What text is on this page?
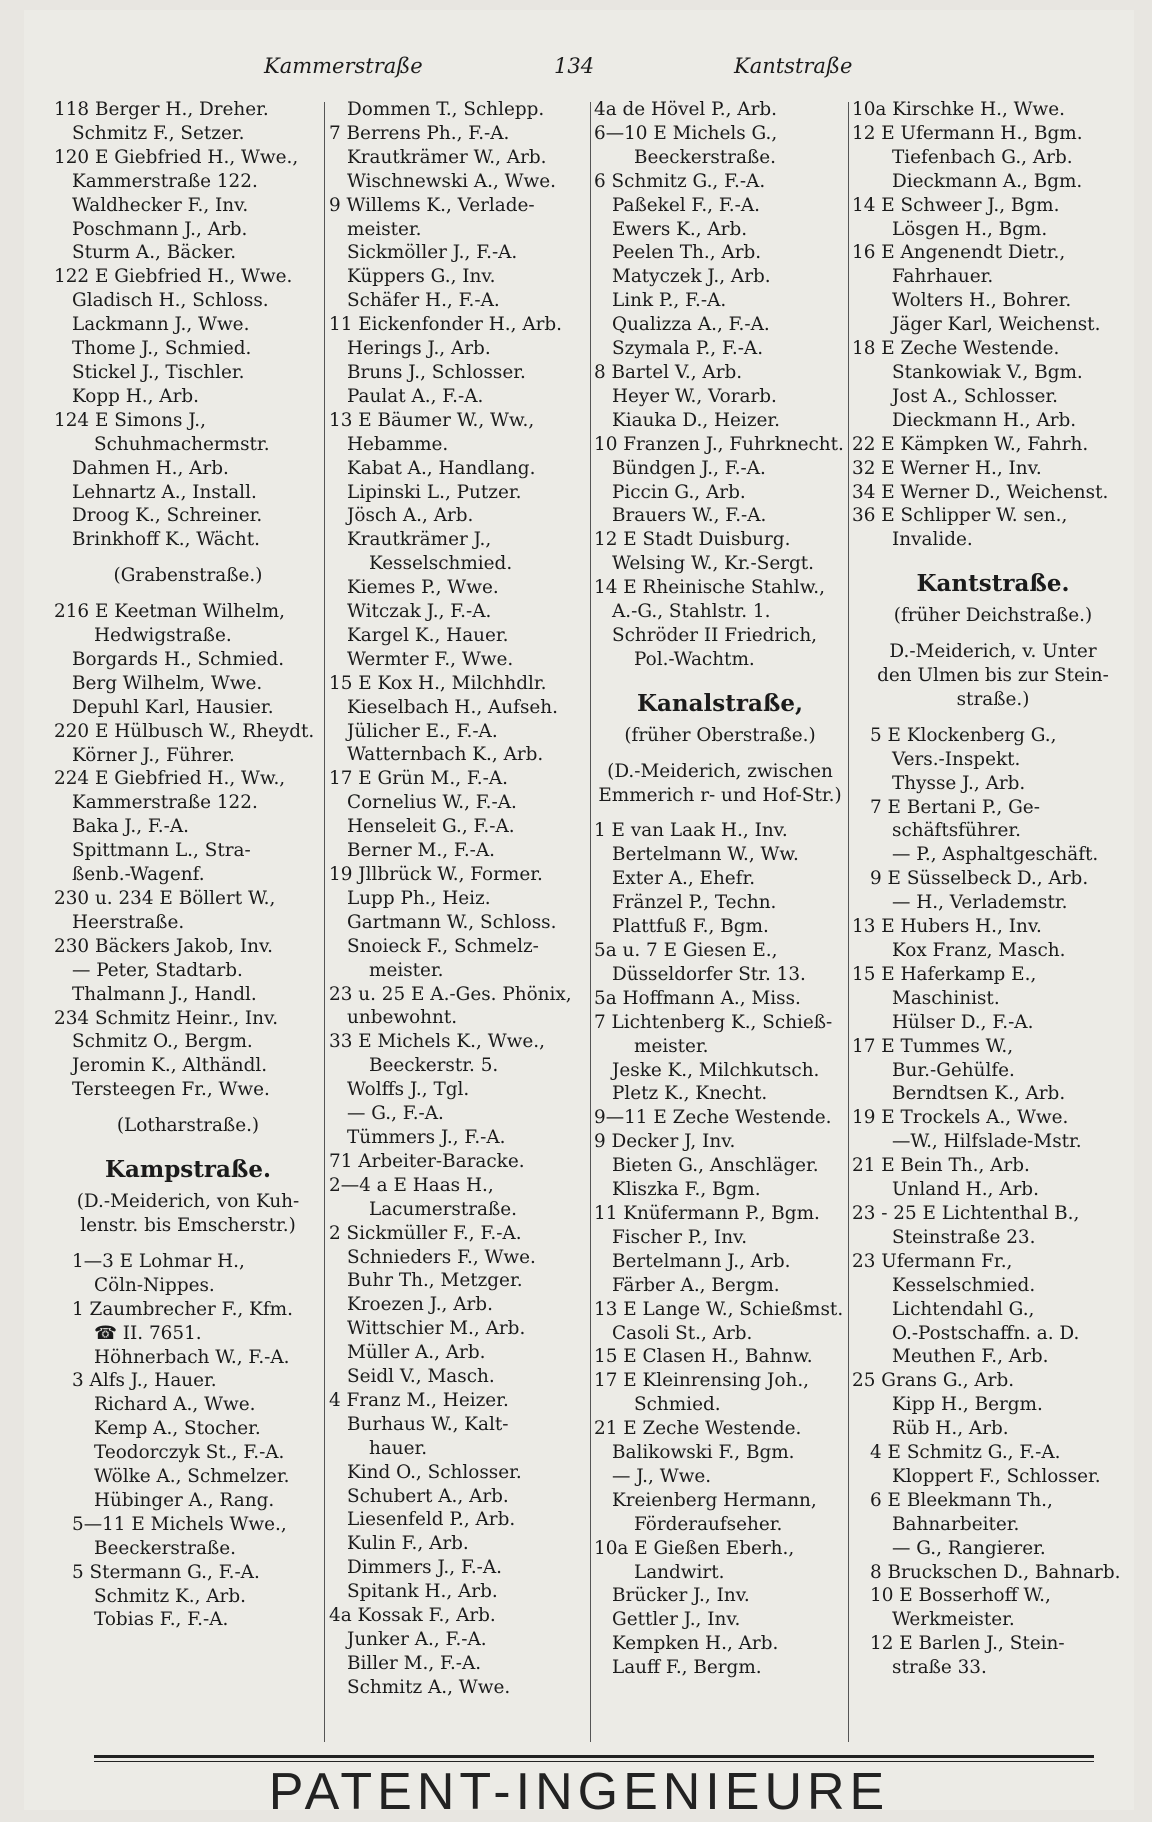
Kammerstraße	134	Kantstraße
118 Berger H., Dreher.
Schmitz F., Setzer.
120 E Giebfried H., Wwe.,
Kammerstraße 122.
Waldhecker F., Inv.
Poschmann J., Arb.
Sturm A., Bäcker.
122 E Giebfried H., Wwe.
Gladisch H., Schloss.
Lackmann J., Wwe.
Thome J., Schmied.
Stickel J., Tischler.
Kopp H., Arb.
124 E Simons J.,
Schuhmachermstr.
Dahmen H., Arb.
Lehnartz A., Install.
Droog K., Schreiner.
Brinkhoff K., Wächt.
(Grabenstraße.)
216 E Keetman Wilhelm,
Hedwigstraße.
Borgards H., Schmied.
Berg Wilhelm, Wwe.
Depuhl Karl, Hausier.
220 E Hülbusch W., Rheydt.
Körner J., Führer.
224 E Giebfried H., Ww.,
Kammerstraße 122.
Baka J., F.-A.
Spittmann L., Stra-
ßenb.-Wagenf.
230 u. 234 E Böllert W.,
Heerstraße.
230 Bäckers Jakob, Inv.
— Peter, Stadtarb.
Thalmann J., Handl.
234 Schmitz Heinr., Inv.
Schmitz O., Bergm.
Jeromin K., Althändl.
Tersteegen Fr., Wwe.
(Lotharstraße.)
Kampstraße.
(D.-Meiderich, von Kuh-
lenstr. bis Emscherstr.)
1—3 E Lohmar H.,
Cöln-Nippes.
1 Zaumbrecher F., Kfm.
☎ II. 7651.
Höhnerbach W., F.-A.
3 Alfs J., Hauer.
Richard A., Wwe.
Kemp A., Stocher.
Teodorczyk St., F.-A.
Wölke A., Schmelzer.
Hübinger A., Rang.
5—11 E Michels Wwe.,
Beeckerstraße.
5 Stermann G., F.-A.
Schmitz K., Arb.
Tobias F., F.-A.
Dommen T., Schlepp.
7 Berrens Ph., F.-A.
Krautkrämer W., Arb.
Wischnewski A., Wwe.
9 Willems K., Verlade-
meister.
Sickmöller J., F.-A.
Küppers G., Inv.
Schäfer H., F.-A.
11 Eickenfonder H., Arb.
Herings J., Arb.
Bruns J., Schlosser.
Paulat A., F.-A.
13 E Bäumer W., Ww.,
Hebamme.
Kabat A., Handlang.
Lipinski L., Putzer.
Jösch A., Arb.
Krautkrämer J.,
Kesselschmied.
Kiemes P., Wwe.
Witczak J., F.-A.
Kargel K., Hauer.
Wermter F., Wwe.
15 E Kox H., Milchhdlr.
Kieselbach H., Aufseh.
Jülicher E., F.-A.
Watternbach K., Arb.
17 E Grün M., F.-A.
Cornelius W., F.-A.
Henseleit G., F.-A.
Berner M., F.-A.
19 Jllbrück W., Former.
Lupp Ph., Heiz.
Gartmann W., Schloss.
Snoieck F., Schmelz-
meister.
23 u. 25 E A.-Ges. Phönix,
unbewohnt.
33 E Michels K., Wwe.,
Beeckerstr. 5.
Wolffs J., Tgl.
— G., F.-A.
Tümmers J., F.-A.
71 Arbeiter-Baracke.
2—4 a E Haas H.,
Lacumerstraße.
2 Sickmüller F., F.-A.
Schnieders F., Wwe.
Buhr Th., Metzger.
Kroezen J., Arb.
Wittschier M., Arb.
Müller A., Arb.
Seidl V., Masch.
4 Franz M., Heizer.
Burhaus W., Kalt-
hauer.
Kind O., Schlosser.
Schubert A., Arb.
Liesenfeld P., Arb.
Kulin F., Arb.
Dimmers J., F.-A.
Spitank H., Arb.
4a Kossak F., Arb.
Junker A., F.-A.
Biller M., F.-A.
Schmitz A., Wwe.
4a de Hövel P., Arb.
6—10 E Michels G.,
Beeckerstraße.
6 Schmitz G., F.-A.
Paßekel F., F.-A.
Ewers K., Arb.
Peelen Th., Arb.
Matyczek J., Arb.
Link P., F.-A.
Qualizza A., F.-A.
Szymala P., F.-A.
8 Bartel V., Arb.
Heyer W., Vorarb.
Kiauka D., Heizer.
10 Franzen J., Fuhrknecht.
Bündgen J., F.-A.
Piccin G., Arb.
Brauers W., F.-A.
12 E Stadt Duisburg.
Welsing W., Kr.-Sergt.
14 E Rheinische Stahlw.,
A.-G., Stahlstr. 1.
Schröder II Friedrich,
Pol.-Wachtm.
Kanalstraße,
(früher Oberstraße.)
(D.-Meiderich, zwischen
Emmerich r- und Hof-Str.)
1 E van Laak H., Inv.
Bertelmann W., Ww.
Exter A., Ehefr.
Fränzel P., Techn.
Plattfuß F., Bgm.
5a u. 7 E Giesen E.,
Düsseldorfer Str. 13.
5a Hoffmann A., Miss.
7 Lichtenberg K., Schieß-
meister.
Jeske K., Milchkutsch.
Pletz K., Knecht.
9—11 E Zeche Westende.
9 Decker J, Inv.
Bieten G., Anschläger.
Kliszka F., Bgm.
11 Knüfermann P., Bgm.
Fischer P., Inv.
Bertelmann J., Arb.
Färber A., Bergm.
13 E Lange W., Schießmst.
Casoli St., Arb.
15 E Clasen H., Bahnw.
17 E Kleinrensing Joh.,
Schmied.
21 E Zeche Westende.
Balikowski F., Bgm.
— J., Wwe.
Kreienberg Hermann,
Förderaufseher.
10a E Gießen Eberh.,
Landwirt.
Brücker J., Inv.
Gettler J., Inv.
Kempken H., Arb.
Lauff F., Bergm.
10a Kirschke H., Wwe.
12 E Ufermann H., Bgm.
Tiefenbach G., Arb.
Dieckmann A., Bgm.
14 E Schweer J., Bgm.
Lösgen H., Bgm.
16 E Angenendt Dietr.,
Fahrhauer.
Wolters H., Bohrer.
Jäger Karl, Weichenst.
18 E Zeche Westende.
Stankowiak V., Bgm.
Jost A., Schlosser.
Dieckmann H., Arb.
22 E Kämpken W., Fahrh.
32 E Werner H., Inv.
34 E Werner D., Weichenst.
36 E Schlipper W. sen.,
Invalide.
Kantstraße.
(früher Deichstraße.)
D.-Meiderich, v. Unter
den Ulmen bis zur Stein-
straße.)
5 E Klockenberg G.,
Vers.-Inspekt.
Thysse J., Arb.
7 E Bertani P., Ge-
schäftsführer.
— P., Asphaltgeschäft.
9 E Süsselbeck D., Arb.
— H., Verlademstr.
13 E Hubers H., Inv.
Kox Franz, Masch.
15 E Haferkamp E.,
Maschinist.
Hülser D., F.-A.
17 E Tummes W.,
Bur.-Gehülfe.
Berndtsen K., Arb.
19 E Trockels A., Wwe.
—W., Hilfslade-Mstr.
21 E Bein Th., Arb.
Unland H., Arb.
23 - 25 E Lichtenthal B.,
Steinstraße 23.
23 Ufermann Fr.,
Kesselschmied.
Lichtendahl G.,
O.-Postschaffn. a. D.
Meuthen F., Arb.
25 Grans G., Arb.
Kipp H., Bergm.
Rüb H., Arb.
4 E Schmitz G., F.-A.
Kloppert F., Schlosser.
6 E Bleekmann Th.,
Bahnarbeiter.
— G., Rangierer.
8 Bruckschen D., Bahnarb.
10 E Bosserhoff W.,
Werkmeister.
12 E Barlen J., Stein-
straße 33.
PATENT-INGENIEURE
